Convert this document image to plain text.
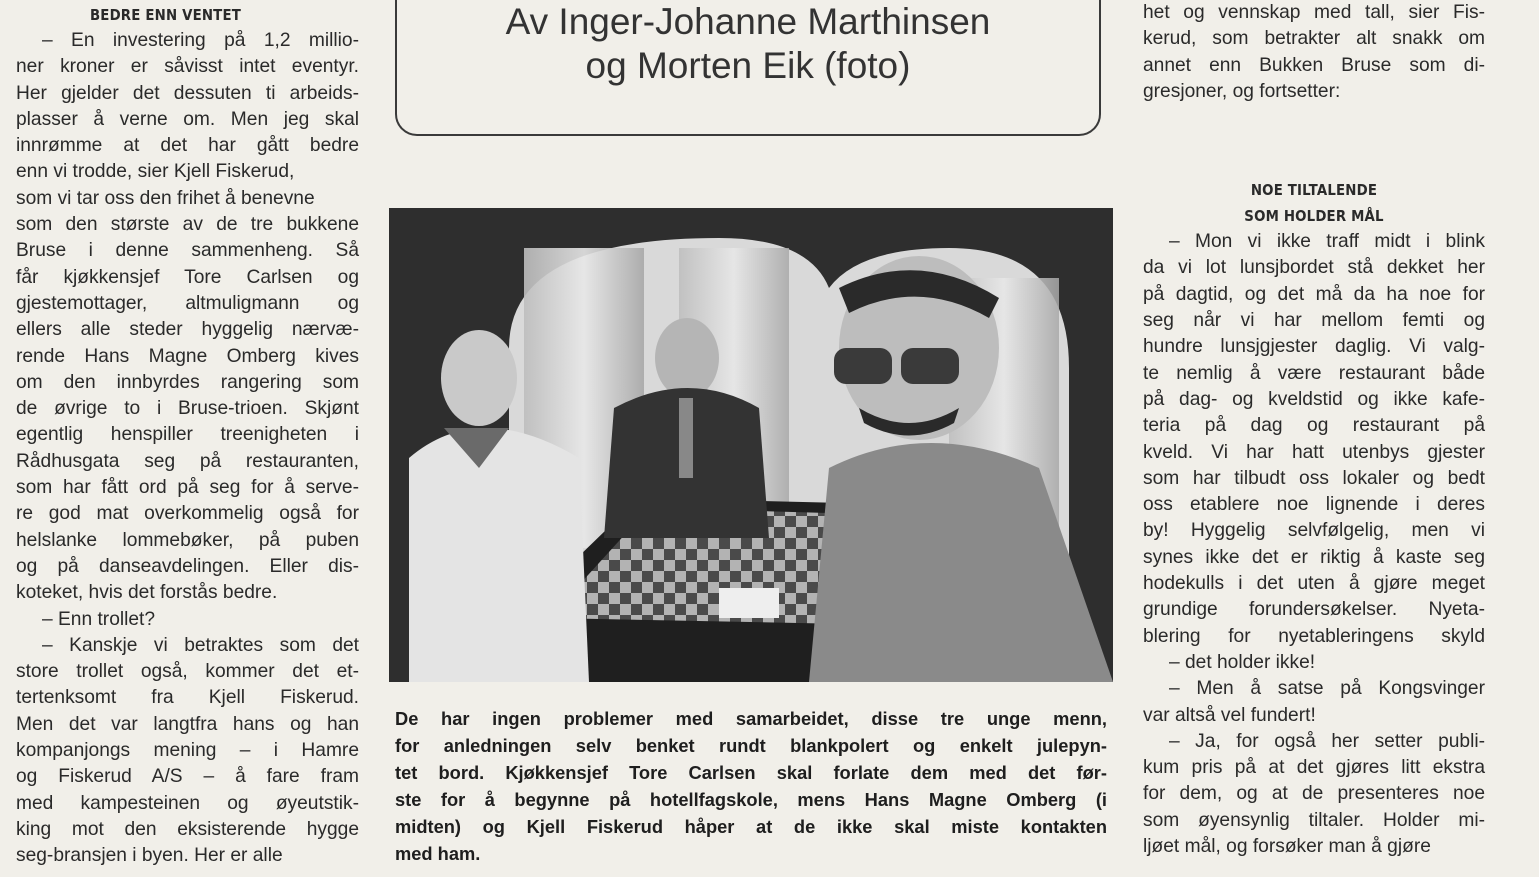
Av Inger-Johanne Marthinsen
og Morten Eik (foto)
BEDRE ENN VENTET
– En investering på 1,2 millio-
ner kroner er såvisst intet eventyr.
Her gjelder det dessuten ti arbeids-
plasser å verne om. Men jeg skal
innrømme at det har gått bedre
enn vi trodde, sier Kjell Fiskerud,
som vi tar oss den frihet å benevne
som den største av de tre bukkene
Bruse i denne sammenheng. Så
får kjøkkensjef Tore Carlsen og
gjestemottager, altmuligmann og
ellers alle steder hyggelig nærvæ-
rende Hans Magne Omberg kives
om den innbyrdes rangering som
de øvrige to i Bruse-trioen. Skjønt
egentlig henspiller treenigheten i
Rådhusgata seg på restauranten,
som har fått ord på seg for å serve-
re god mat overkommelig også for
helslanke lommebøker, på puben
og på danseavdelingen. Eller dis-
koteket, hvis det forstås bedre.
– Enn trollet?
– Kanskje vi betraktes som det
store trollet også, kommer det et-
tertenksomt fra Kjell Fiskerud.
Men det var langtfra hans og han
kompanjongs mening – i Hamre
og Fiskerud A/S – å fare fram
med kampesteinen og øyeutstik-
king mot den eksisterende hygge
seg-bransjen i byen. Her er alle
het og vennskap med tall, sier Fis-
kerud, som betrakter alt snakk om
annet enn Bukken Bruse som di-
gresjoner, og fortsetter:
NOE TILTALENDE
SOM HOLDER MÅL
– Mon vi ikke traff midt i blink
da vi lot lunsjbordet stå dekket her
på dagtid, og det må da ha noe for
seg når vi har mellom femti og
hundre lunsjgjester daglig. Vi valg-
te nemlig å være restaurant både
på dag- og kveldstid og ikke kafe-
teria på dag og restaurant på
kveld. Vi har hatt utenbys gjester
som har tilbudt oss lokaler og bedt
oss etablere noe lignende i deres
by! Hyggelig selvfølgelig, men vi
synes ikke det er riktig å kaste seg
hodekulls i det uten å gjøre meget
grundige forundersøkelser. Nyeta-
blering for nyetableringens skyld
– det holder ikke!
– Men å satse på Kongsvinger
var altså vel fundert!
– Ja, for også her setter publi-
kum pris på at det gjøres litt ekstra
for dem, og at de presenteres noe
som øyensynlig tiltaler. Holder mi-
ljøet mål, og forsøker man å gjøre
De har ingen problemer med samarbeidet, disse tre unge menn,
for anledningen selv benket rundt blankpolert og enkelt julepyn-
tet bord. Kjøkkensjef Tore Carlsen skal forlate dem med det før-
ste for å begynne på hotellfagskole, mens Hans Magne Omberg (i
midten) og Kjell Fiskerud håper at de ikke skal miste kontakten
med ham.
